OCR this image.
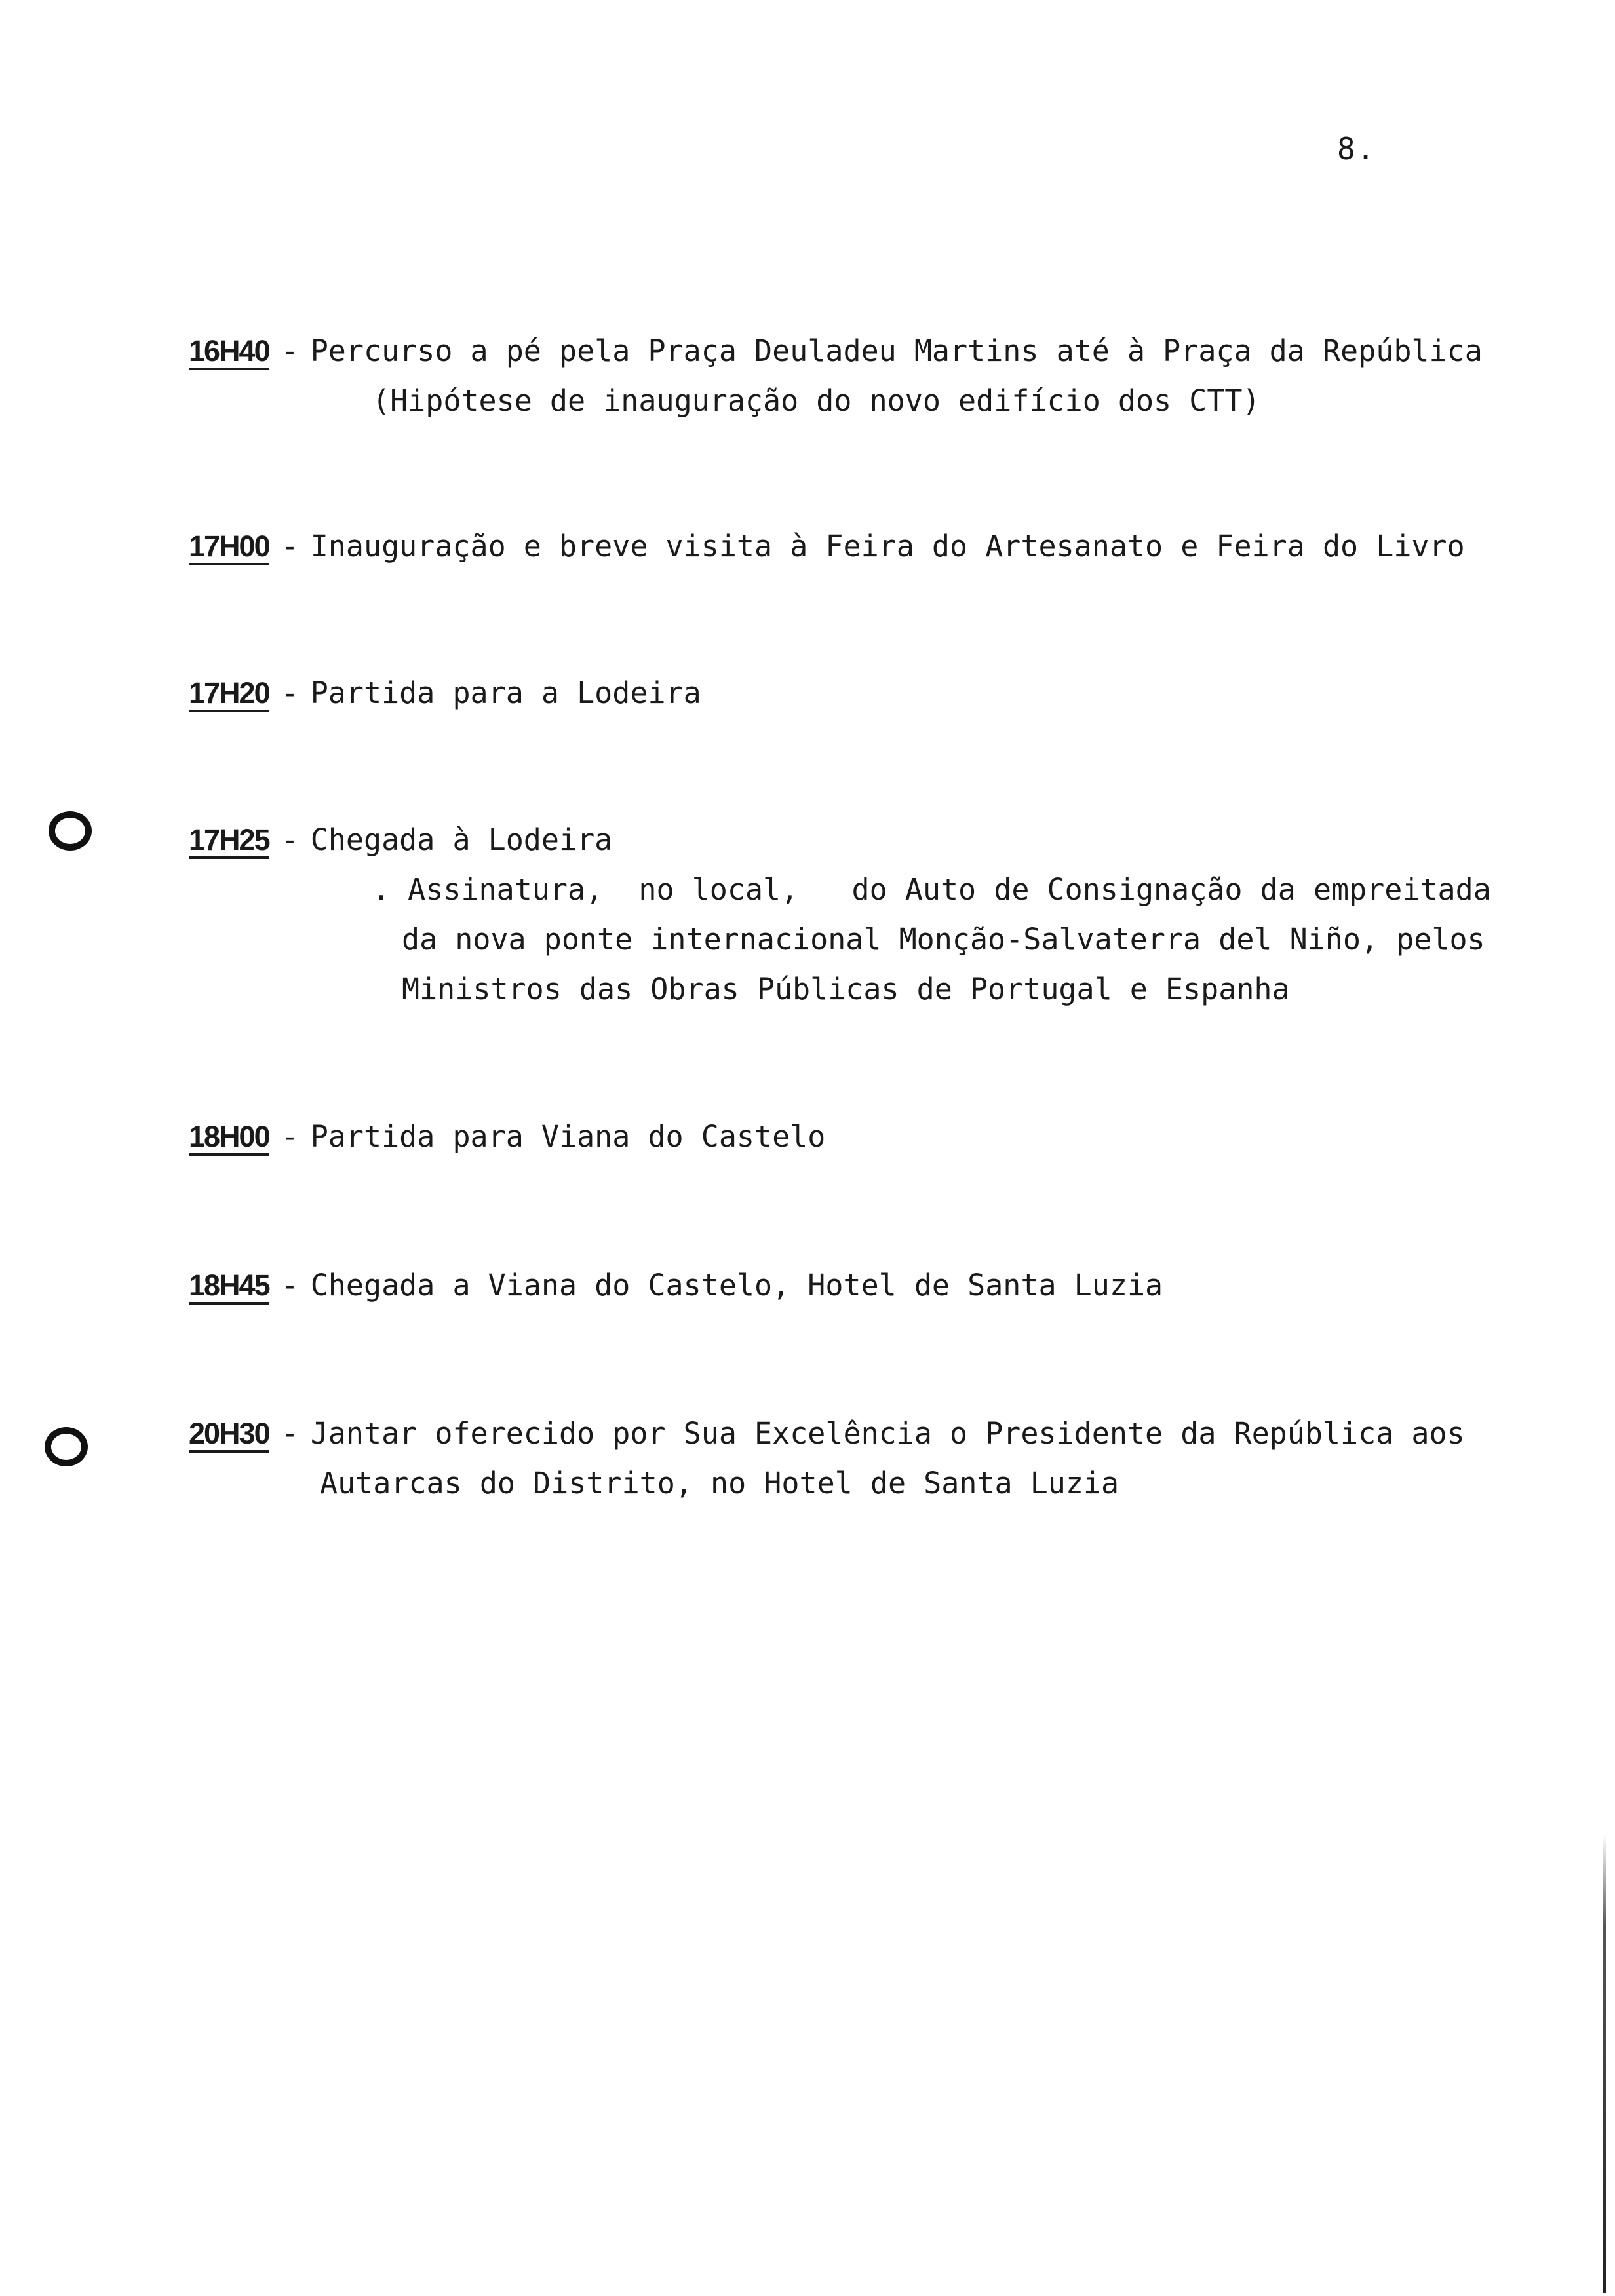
8.
16H40 - Percurso a pé pela Praça Deuladeu Martins até à Praça da República
(Hipótese de inauguração do novo edifício dos CTT)
17H00 - Inauguração e breve visita à Feira do Artesanato e Feira do Livro
17H20 - Partida para a Lodeira
17H25 - Chegada à Lodeira
. Assinatura,  no local,   do Auto de Consignação da empreitada
da nova ponte internacional Monção-Salvaterra del Niño, pelos
Ministros das Obras Públicas de Portugal e Espanha
18H00 - Partida para Viana do Castelo
18H45 - Chegada a Viana do Castelo, Hotel de Santa Luzia
20H30 - Jantar oferecido por Sua Excelência o Presidente da República aos
Autarcas do Distrito, no Hotel de Santa Luzia
